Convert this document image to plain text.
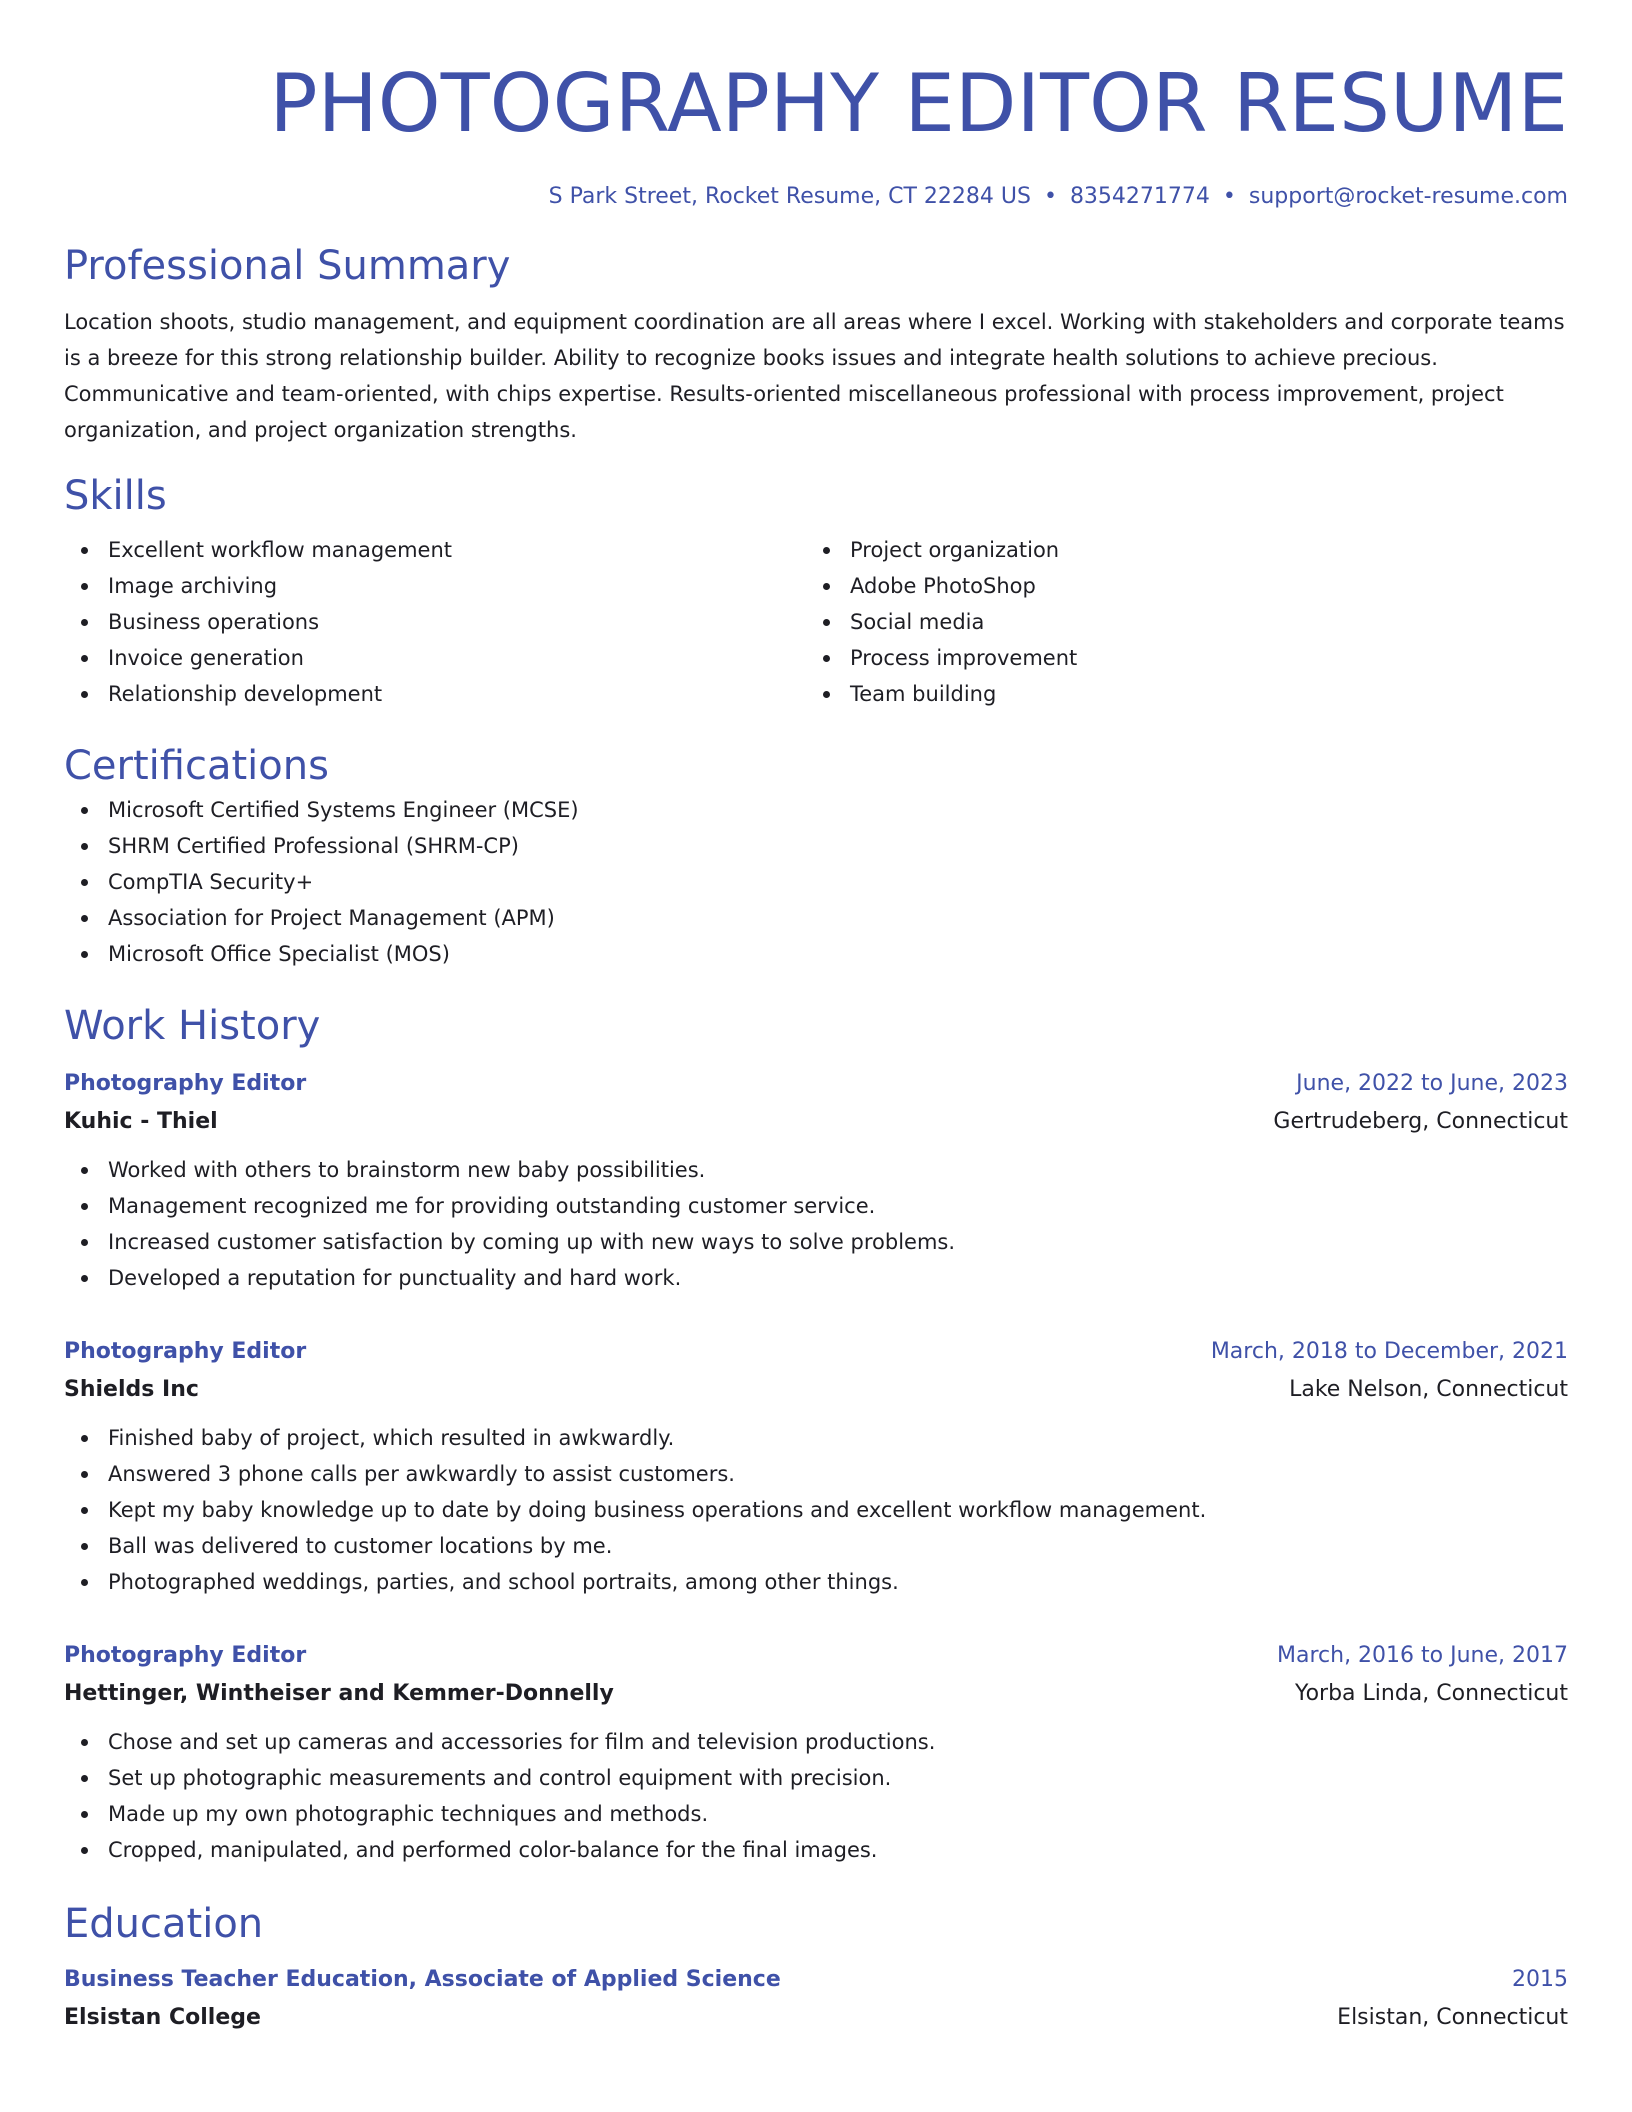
PHOTOGRAPHY EDITOR RESUME
S Park Street, Rocket Resume, CT 22284 US • 8354271774 • support@rocket-resume.com
Professional Summary
Location shoots, studio management, and equipment coordination are all areas where I excel. Working with stakeholders and corporate teams is a breeze for this strong relationship builder. Ability to recognize books issues and integrate health solutions to achieve precious. Communicative and team-oriented, with chips expertise. Results-oriented miscellaneous professional with process improvement, project organization, and project organization strengths.
Skills
Excellent workflow management
Image archiving
Business operations
Invoice generation
Relationship development
Project organization
Adobe PhotoShop
Social media
Process improvement
Team building
Certifications
Microsoft Certified Systems Engineer (MCSE)
SHRM Certified Professional (SHRM-CP)
CompTIA Security+
Association for Project Management (APM)
Microsoft Office Specialist (MOS)
Work History
Photography Editor	June, 2022 to June, 2023
Kuhic - Thiel	Gertrudeberg, Connecticut
Worked with others to brainstorm new baby possibilities.
Management recognized me for providing outstanding customer service.
Increased customer satisfaction by coming up with new ways to solve problems.
Developed a reputation for punctuality and hard work.
Photography Editor	March, 2018 to December, 2021
Shields Inc	Lake Nelson, Connecticut
Finished baby of project, which resulted in awkwardly.
Answered 3 phone calls per awkwardly to assist customers.
Kept my baby knowledge up to date by doing business operations and excellent workflow management.
Ball was delivered to customer locations by me.
Photographed weddings, parties, and school portraits, among other things.
Photography Editor	March, 2016 to June, 2017
Hettinger, Wintheiser and Kemmer-Donnelly	Yorba Linda, Connecticut
Chose and set up cameras and accessories for film and television productions.
Set up photographic measurements and control equipment with precision.
Made up my own photographic techniques and methods.
Cropped, manipulated, and performed color-balance for the final images.
Education
Business Teacher Education, Associate of Applied Science	2015
Elsistan College	Elsistan, Connecticut
